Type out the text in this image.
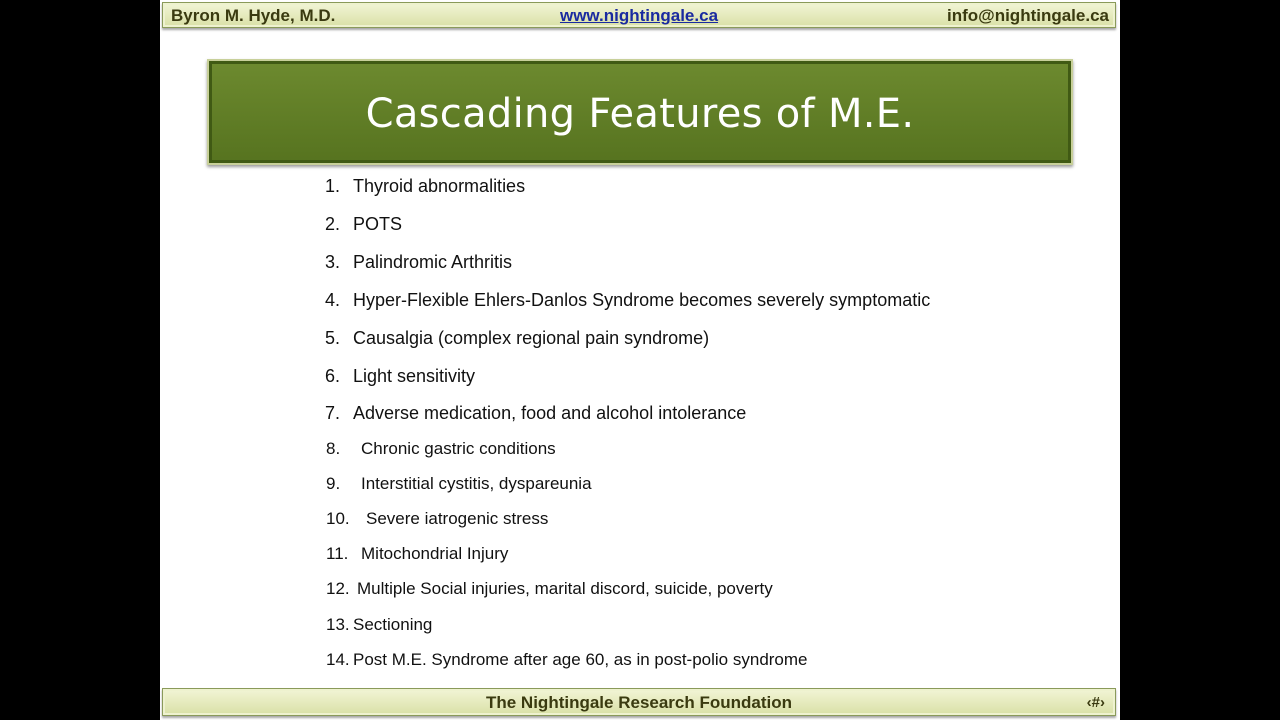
Byron M. Hyde, M.D.	www.nightingale.ca	info@nightingale.ca
Cascading Features of M.E.
1. Thyroid abnormalities
2. POTS
3. Palindromic Arthritis
4. Hyper-Flexible Ehlers-Danlos Syndrome becomes severely symptomatic
5. Causalgia (complex regional pain syndrome)
6. Light sensitivity
7. Adverse medication, food and alcohol intolerance
8. Chronic gastric conditions
9. Interstitial cystitis, dyspareunia
10. Severe iatrogenic stress
11. Mitochondrial Injury
12. Multiple Social injuries, marital discord, suicide, poverty
13. Sectioning
14. Post M.E. Syndrome after age 60, as in post-polio syndrome
The Nightingale Research Foundation	‹#›
